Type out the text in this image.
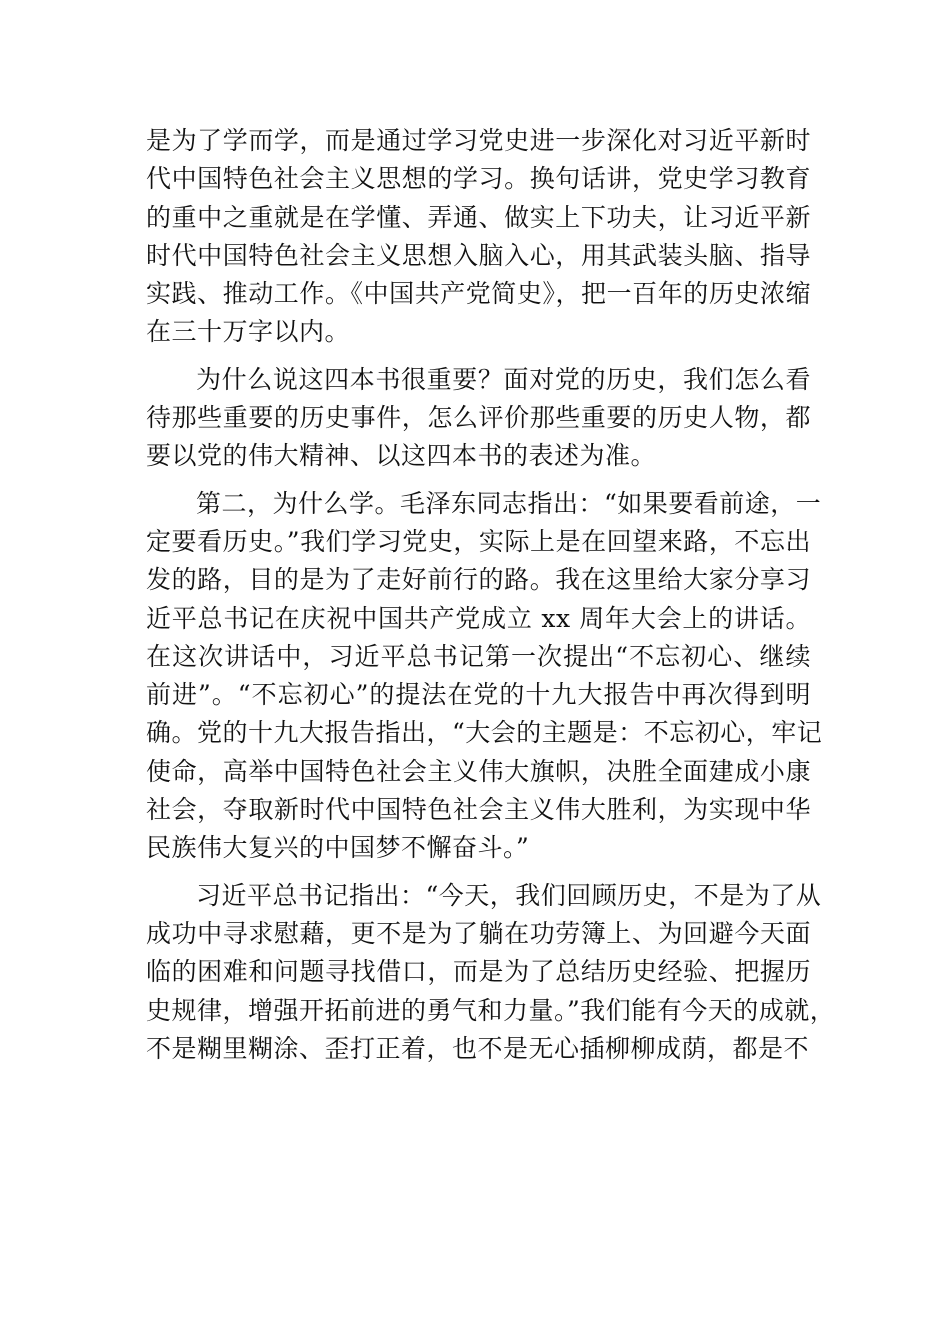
是为了学而学，而是通过学习党史进一步深化对习近平新时
代中国特色社会主义思想的学习。换句话讲，党史学习教育
的重中之重就是在学懂、弄通、做实上下功夫，让习近平新
时代中国特色社会主义思想入脑入心，用其武装头脑、指导
实践、推动工作。《中国共产党简史》，把一百年的历史浓缩
在三十万字以内。
为什么说这四本书很重要？面对党的历史，我们怎么看
待那些重要的历史事件，怎么评价那些重要的历史人物，都
要以党的伟大精神、以这四本书的表述为准。
第二，为什么学。毛泽东同志指出：“如果要看前途，一
定要看历史。”我们学习党史，实际上是在回望来路，不忘出
发的路，目的是为了走好前行的路。我在这里给大家分享习
近平总书记在庆祝中国共产党成立 xx 周年大会上的讲话。
在这次讲话中，习近平总书记第一次提出“不忘初心、继续
前进”。“不忘初心”的提法在党的十九大报告中再次得到明
确。党的十九大报告指出，“大会的主题是：不忘初心，牢记
使命，高举中国特色社会主义伟大旗帜，决胜全面建成小康
社会，夺取新时代中国特色社会主义伟大胜利，为实现中华
民族伟大复兴的中国梦不懈奋斗。”
习近平总书记指出：“今天，我们回顾历史，不是为了从
成功中寻求慰藉，更不是为了躺在功劳簿上、为回避今天面
临的困难和问题寻找借口，而是为了总结历史经验、把握历
史规律，增强开拓前进的勇气和力量。”我们能有今天的成就，
不是糊里糊涂、歪打正着，也不是无心插柳柳成荫，都是不
